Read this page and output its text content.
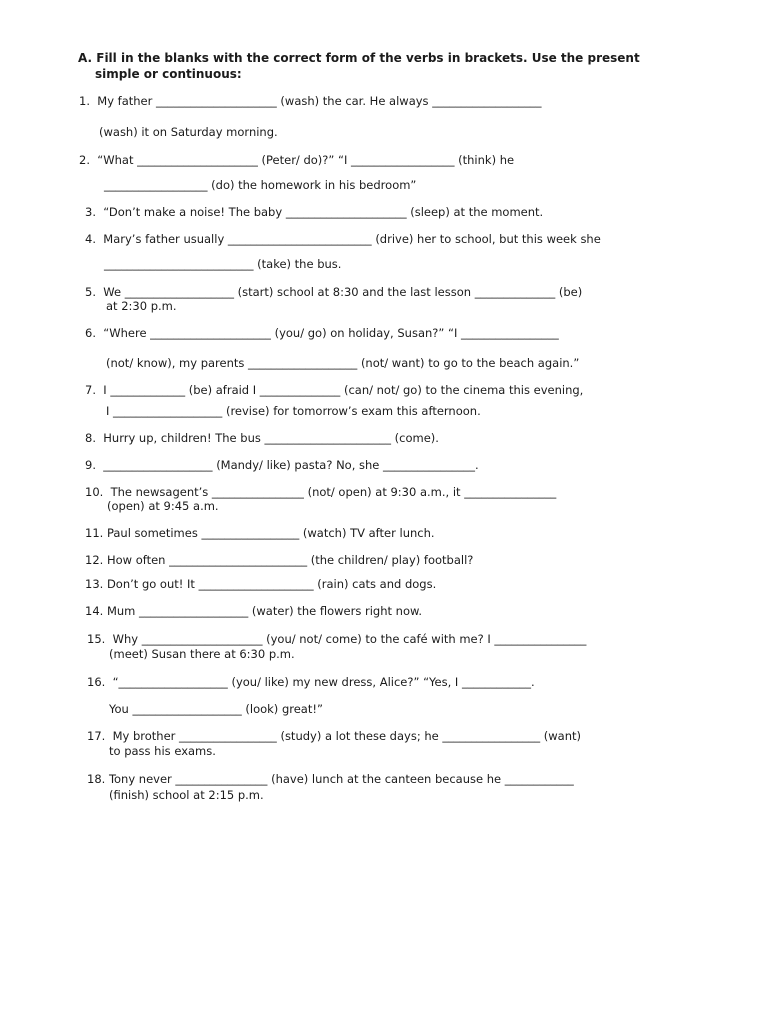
A. Fill in the blanks with the correct form of the verbs in brackets. Use the present
simple or continuous:
1.  My father _____________________ (wash) the car. He always ___________________
(wash) it on Saturday morning.
2.  “What _____________________ (Peter/ do)?” “I __________________ (think) he
__________________ (do) the homework in his bedroom”
3.  “Don’t make a noise! The baby _____________________ (sleep) at the moment.
4.  Mary’s father usually _________________________ (drive) her to school, but this week she
__________________________ (take) the bus.
5.  We ___________________ (start) school at 8:30 and the last lesson ______________ (be)
at 2:30 p.m.
6.  “Where _____________________ (you/ go) on holiday, Susan?” “I _________________
(not/ know), my parents ___________________ (not/ want) to go to the beach again.”
7.  I _____________ (be) afraid I ______________ (can/ not/ go) to the cinema this evening,
I ___________________ (revise) for tomorrow’s exam this afternoon.
8.  Hurry up, children! The bus ______________________ (come).
9.  ___________________ (Mandy/ like) pasta? No, she ________________.
10.  The newsagent’s ________________ (not/ open) at 9:30 a.m., it ________________
(open) at 9:45 a.m.
11. Paul sometimes _________________ (watch) TV after lunch.
12. How often ________________________ (the children/ play) football?
13. Don’t go out! It ____________________ (rain) cats and dogs.
14. Mum ___________________ (water) the flowers right now.
15.  Why _____________________ (you/ not/ come) to the café with me? I ________________
(meet) Susan there at 6:30 p.m.
16.  “___________________ (you/ like) my new dress, Alice?” “Yes, I ____________.
You ___________________ (look) great!”
17.  My brother _________________ (study) a lot these days; he _________________ (want)
to pass his exams.
18. Tony never ________________ (have) lunch at the canteen because he ____________
(finish) school at 2:15 p.m.
